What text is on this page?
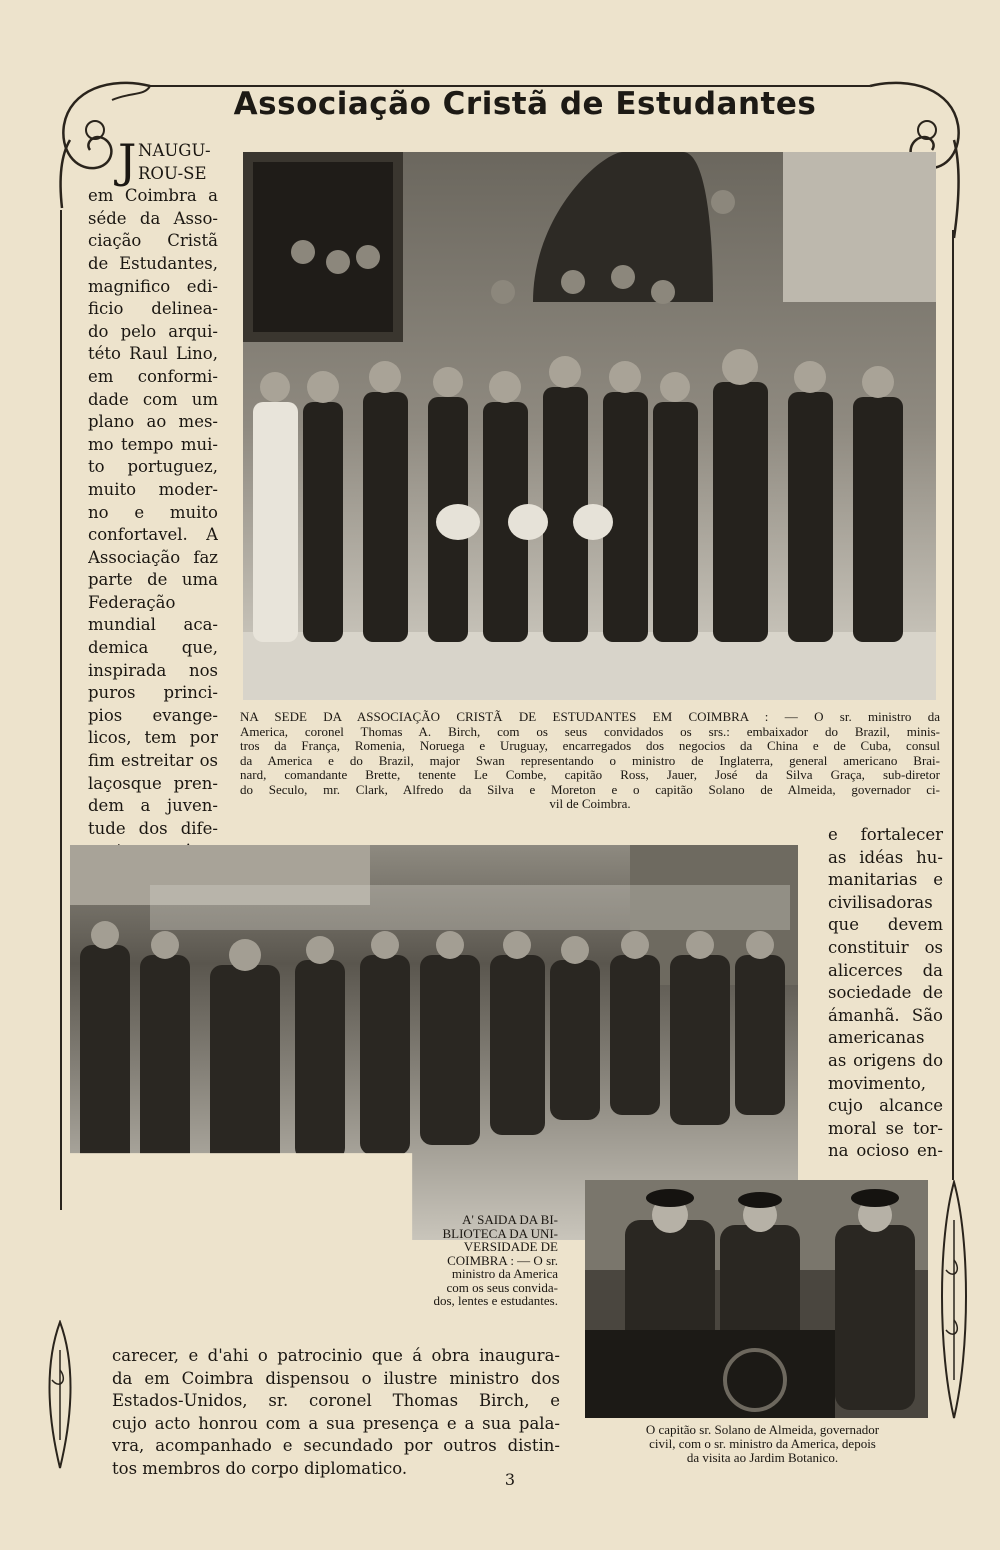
Associação Cristã de Estudantes
J NAUGU-
ROU-SE
em Coimbra a
séde da Asso-
ciação Cristã
de Estudantes,
magnifico edi-
ficio delinea-
do pelo arqui-
této Raul Lino,
em conformi-
dade com um
plano ao mes-
mo tempo mui-
to portuguez,
muito moder-
no e muito
confortavel. A
Associação faz
parte de uma
Federação
mundial aca-
demica que,
inspirada nos
puros princi-
pios evange-
licos, tem por
fim estreitar os
laçosque pren-
dem a juven-
tude dos dife-
NA SEDE DA ASSOCIAÇÃO CRISTÃ DE ESTUDANTES EM COIMBRA : — O sr. ministro da
America, coronel Thomas A. Birch, com os seus convidados os srs.: embaixador do Brazil, minis-
tros da França, Romenia, Noruega e Uruguay, encarregados dos negocios da China e de Cuba, consul
da America e do Brazil, major Swan representando o ministro de Inglaterra, general americano Brai-
nard, comandante Brette, tenente Le Combe, capitão Ross, Jauer, José da Silva Graça, sub-diretor
do Seculo, mr. Clark, Alfredo da Silva e Moreton e o capitão Solano de Almeida, governador ci-
vil de Coimbra.
A' SAIDA DA BI-
BLIOTECA DA UNI-
VERSIDADE DE
COIMBRA : — O sr.
ministro da America
com os seus convida-
dos, lentes e estudantes.
e fortalecer
as idéas hu-
manitarias e
civilisadoras
que devem
constituir os
alicerces da
sociedade de
ámanhã. São
americanas
as origens do
movimento,
cujo alcance
moral se tor-
na ocioso en-
O capitão sr. Solano de Almeida, governador
civil, com o sr. ministro da America, depois
da visita ao Jardim Botanico.
carecer, e d'ahi o patrocinio que á obra inaugura-
da em Coimbra dispensou o ilustre ministro dos
Estados-Unidos, sr. coronel Thomas Birch, e
cujo acto honrou com a sua presença e a sua pala-
vra, acompanhado e secundado por outros distin-
tos membros do corpo diplomatico.
3
